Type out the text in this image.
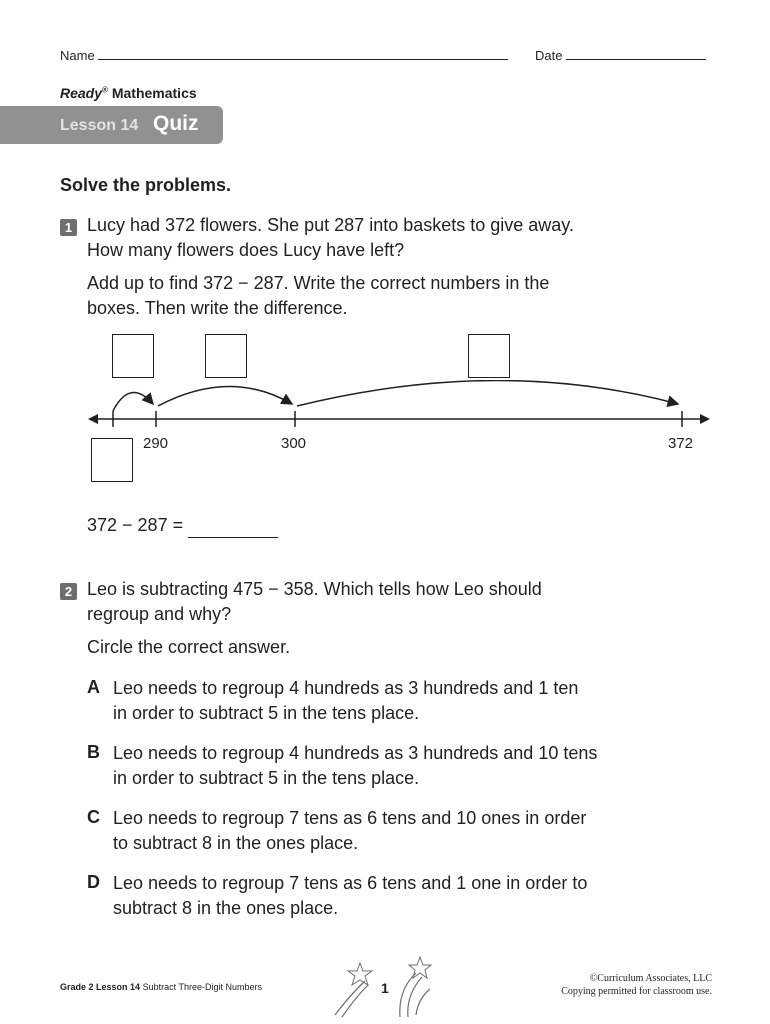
Name	Date
Ready® Mathematics
Lesson 14 Quiz
Solve the problems.
1 Lucy had 372 flowers. She put 287 into baskets to give away.
How many flowers does Lucy have left?
Add up to find 372 − 287. Write the correct numbers in the
boxes. Then write the difference.
290	300	372
372 − 287 =
2 Leo is subtracting 475 − 358. Which tells how Leo should
regroup and why?
Circle the correct answer.
A Leo needs to regroup 4 hundreds as 3 hundreds and 1 ten
in order to subtract 5 in the tens place.
B Leo needs to regroup 4 hundreds as 3 hundreds and 10 tens
in order to subtract 5 in the tens place.
C Leo needs to regroup 7 tens as 6 tens and 10 ones in order
to subtract 8 in the ones place.
D Leo needs to regroup 7 tens as 6 tens and 1 one in order to
subtract 8 in the ones place.
Grade 2 Lesson 14 Subtract Three-Digit Numbers	1
©Curriculum Associates, LLC
Copying permitted for classroom use.
